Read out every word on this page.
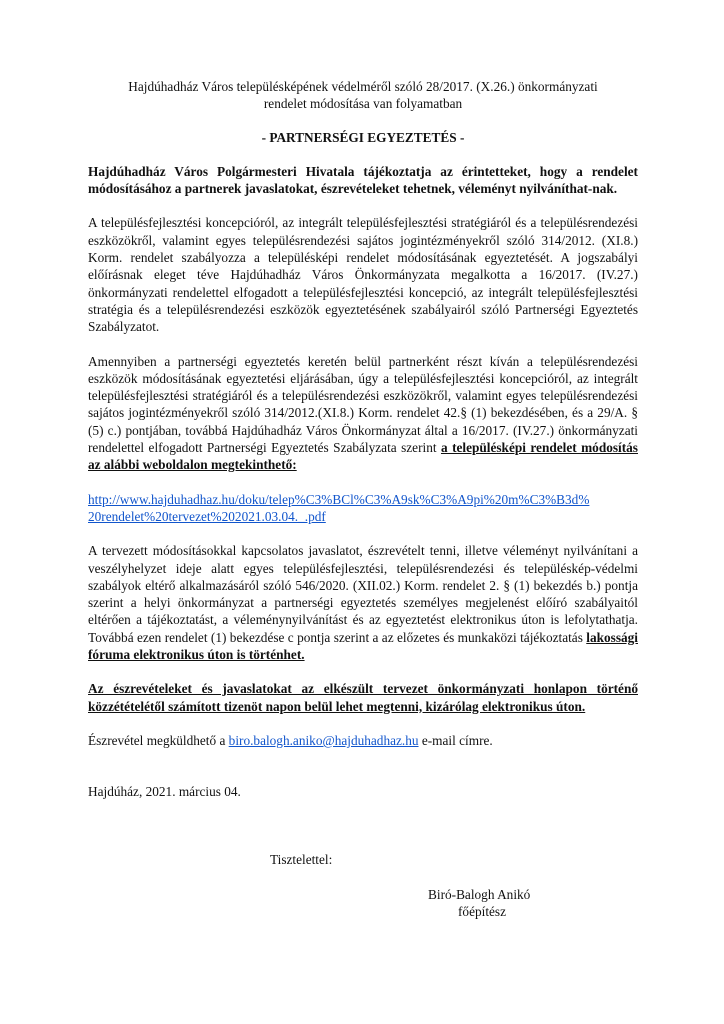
Hajdúhadház Város településképének védelméről szóló 28/2017. (X.26.) önkormányzati
rendelet módosítása van folyamatban
- PARTNERSÉGI EGYEZTETÉS -
Hajdúhadház Város Polgármesteri Hivatala tájékoztatja az érintetteket, hogy a rendelet módosításához a partnerek javaslatokat, észrevételeket tehetnek, véleményt nyilváníthat-nak.

A településfejlesztési koncepcióról, az integrált településfejlesztési stratégiáról és a településrendezési eszközökről, valamint egyes településrendezési sajátos jogintézményekről szóló 314/2012. (XI.8.) Korm. rendelet szabályozza a településképi rendelet módosításának egyeztetését. A jogszabályi előírásnak eleget téve Hajdúhadház Város Önkormányzata megalkotta a 16/2017. (IV.27.) önkormányzati rendelettel elfogadott a településfejlesztési koncepció, az integrált településfejlesztési stratégia és a településrendezési eszközök egyeztetésének szabályairól szóló Partnerségi Egyeztetés Szabályzatot.

Amennyiben a partnerségi egyeztetés keretén belül partnerként részt kíván a településrendezési eszközök módosításának egyeztetési eljárásában, úgy a településfejlesztési koncepcióról, az integrált településfejlesztési stratégiáról és a településrendezési eszközökről, valamint egyes településrendezési sajátos jogintézményekről szóló 314/2012.(XI.8.) Korm. rendelet 42.§ (1) bekezdésében, és a 29/A. § (5) c.) pontjában, továbbá Hajdúhadház Város Önkormányzat által a 16/2017. (IV.27.) önkormányzati rendelettel elfogadott Partnerségi Egyeztetés Szabályzata szerint a településképi rendelet módosítás az alábbi weboldalon megtekinthető:

http://www.hajduhadhaz.hu/doku/telep%C3%BCl%C3%A9sk%C3%A9pi%20m%C3%B3d%
20rendelet%20tervezet%202021.03.04._.pdf

A tervezett módosításokkal kapcsolatos javaslatot, észrevételt tenni, illetve véleményt nyilvánítani a veszélyhelyzet ideje alatt egyes településfejlesztési, településrendezési és településkép-védelmi szabályok eltérő alkalmazásáról szóló 546/2020. (XII.02.) Korm. rendelet 2. § (1) bekezdés b.) pontja szerint a helyi önkormányzat a partnerségi egyeztetés személyes megjelenést előíró szabályaitól eltérően a tájékoztatást, a véleménynyilvánítást és az egyeztetést elektronikus úton is lefolytathatja. Továbbá ezen rendelet (1) bekezdése c pontja szerint a az előzetes és munkaközi tájékoztatás lakossági fóruma elektronikus úton is történhet.

Az észrevételeket és javaslatokat az elkészült tervezet önkormányzati honlapon történő közzétételétől számított tizenöt napon belül lehet megtenni, kizárólag elektronikus úton.

Észrevétel megküldhető a biro.balogh.aniko@hajduhadhaz.hu e-mail címre.

Hajdúház, 2021. március 04.
Tisztelettel:
Biró-Balogh Anikó
főépítész
